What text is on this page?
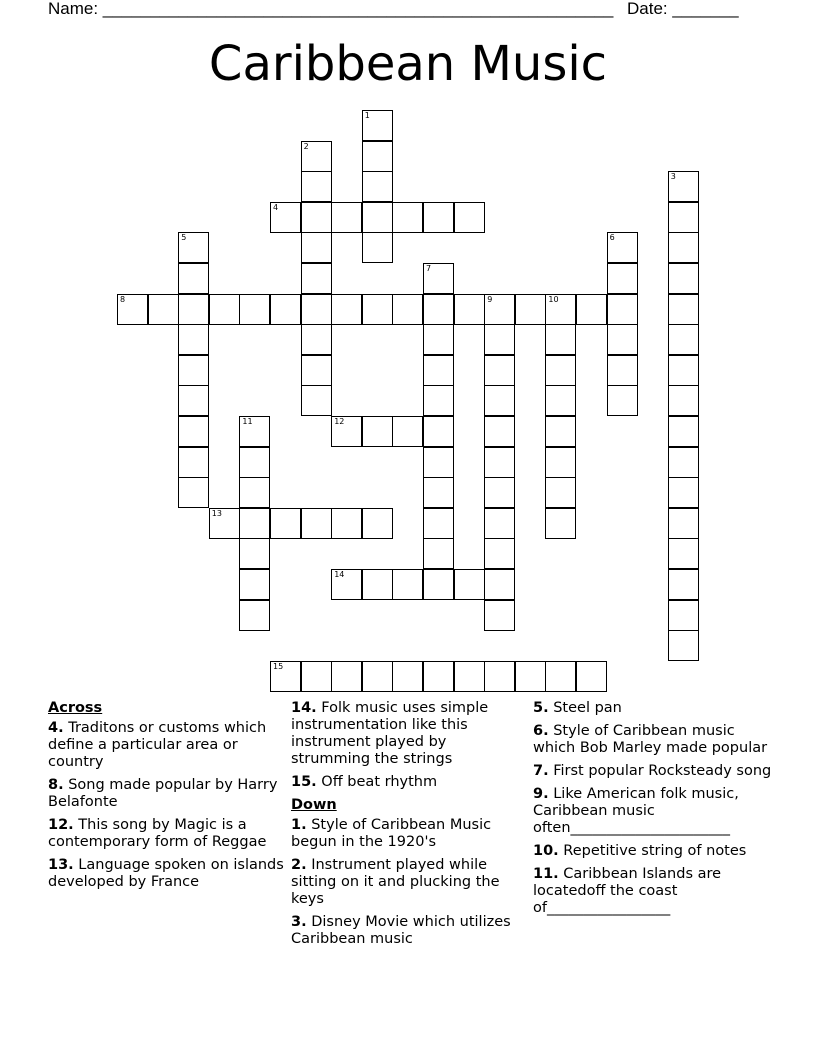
Name: ______________________________________________________ Date: _______
Caribbean Music
1
2
3
4
5	6
7
8	9	10
11	12
13
14
15
Across
4. Traditons or customs which define a particular area or country
8. Song made popular by Harry Belafonte
12. This song by Magic is a contemporary form of Reggae
13. Language spoken on islands developed by France
14. Folk music uses simple instrumentation like this instrument played by strumming the strings
15. Off beat rhythm
Down
1. Style of Caribbean Music begun in the 1920's
2. Instrument played while sitting on it and plucking the keys
3. Disney Movie which utilizes Caribbean music
5. Steel pan
6. Style of Caribbean music which Bob Marley made popular
7. First popular Rocksteady song
9. Like American folk music, Caribbean music often______________________
10. Repetitive string of notes
11. Caribbean Islands are locatedoff the coast of_________________
